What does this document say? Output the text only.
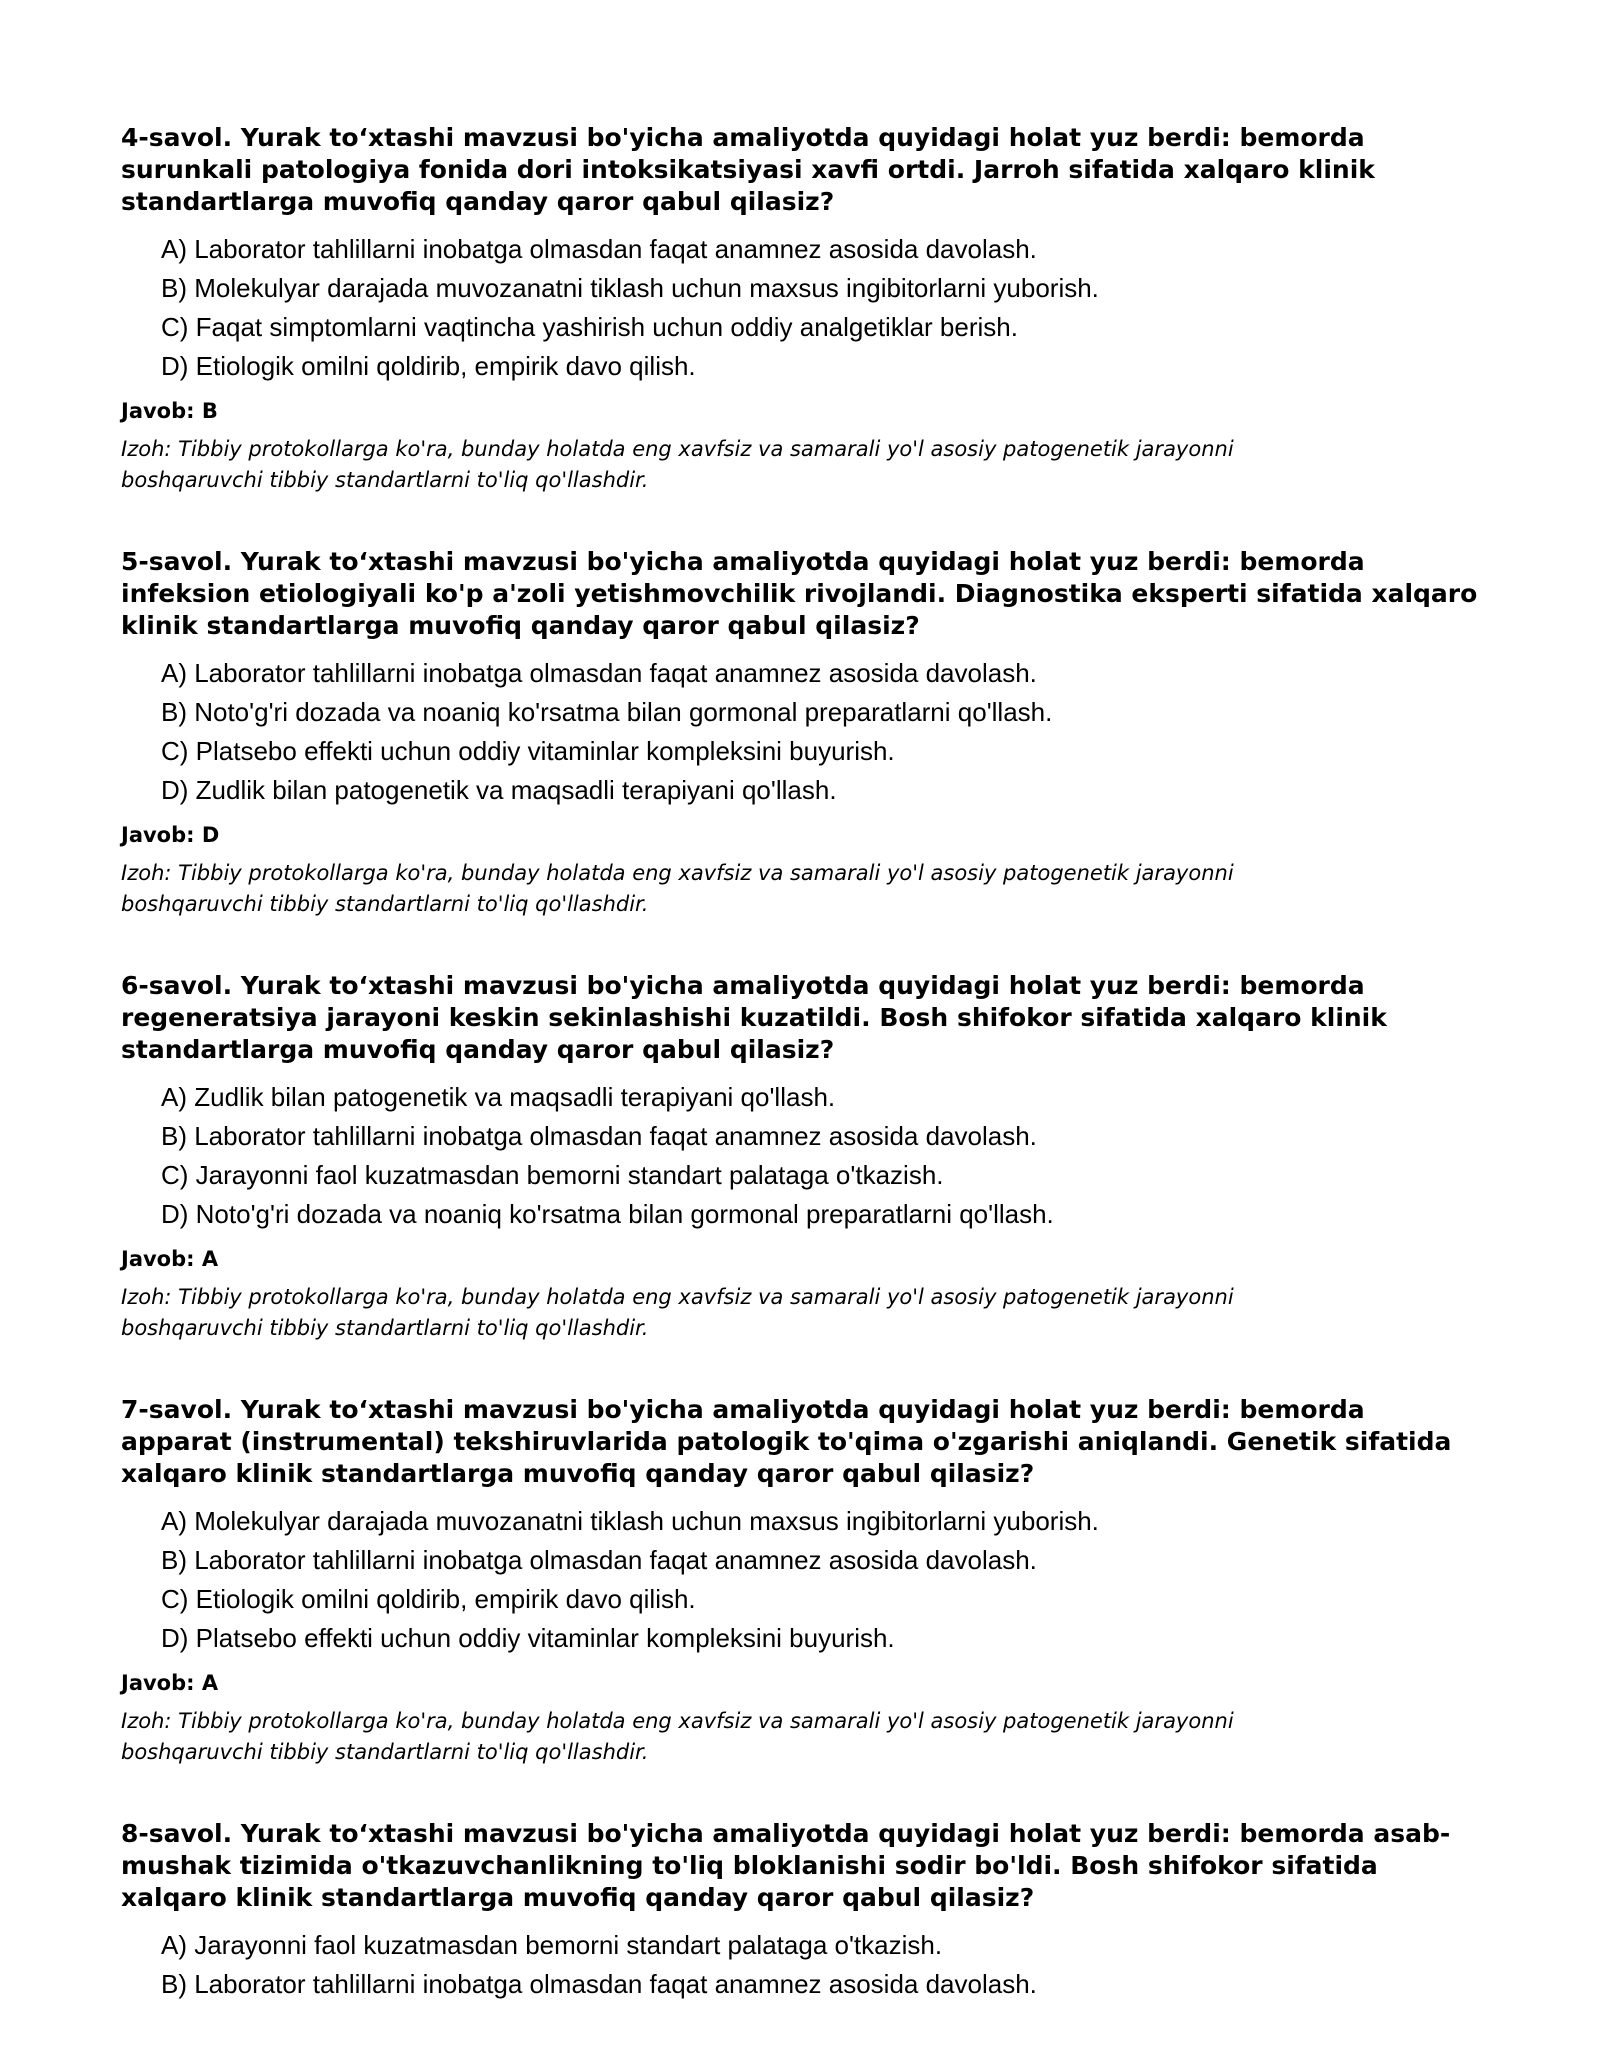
4-savol. Yurak to‘xtashi mavzusi bo'yicha amaliyotda quyidagi holat yuz berdi: bemorda surunkali patologiya fonida dori intoksikatsiyasi xavfi ortdi. Jarroh sifatida xalqaro klinik standartlarga muvofiq qanday qaror qabul qilasiz?

A) Laborator tahlillarni inobatga olmasdan faqat anamnez asosida davolash.
B) Molekulyar darajada muvozanatni tiklash uchun maxsus ingibitorlarni yuborish.
C) Faqat simptomlarni vaqtincha yashirish uchun oddiy analgetiklar berish.
D) Etiologik omilni qoldirib, empirik davo qilish.

Javob: B

Izoh: Tibbiy protokollarga ko'ra, bunday holatda eng xavfsiz va samarali yo'l asosiy patogenetik jarayonni boshqaruvchi tibbiy standartlarni to'liq qo'llashdir.

5-savol. Yurak to‘xtashi mavzusi bo'yicha amaliyotda quyidagi holat yuz berdi: bemorda infeksion etiologiyali ko'p a'zoli yetishmovchilik rivojlandi. Diagnostika eksperti sifatida xalqaro klinik standartlarga muvofiq qanday qaror qabul qilasiz?

A) Laborator tahlillarni inobatga olmasdan faqat anamnez asosida davolash.
B) Noto'g'ri dozada va noaniq ko'rsatma bilan gormonal preparatlarni qo'llash.
C) Platsebo effekti uchun oddiy vitaminlar kompleksini buyurish.
D) Zudlik bilan patogenetik va maqsadli terapiyani qo'llash.

Javob: D

Izoh: Tibbiy protokollarga ko'ra, bunday holatda eng xavfsiz va samarali yo'l asosiy patogenetik jarayonni boshqaruvchi tibbiy standartlarni to'liq qo'llashdir.

6-savol. Yurak to‘xtashi mavzusi bo'yicha amaliyotda quyidagi holat yuz berdi: bemorda regeneratsiya jarayoni keskin sekinlashishi kuzatildi. Bosh shifokor sifatida xalqaro klinik standartlarga muvofiq qanday qaror qabul qilasiz?

A) Zudlik bilan patogenetik va maqsadli terapiyani qo'llash.
B) Laborator tahlillarni inobatga olmasdan faqat anamnez asosida davolash.
C) Jarayonni faol kuzatmasdan bemorni standart palataga o'tkazish.
D) Noto'g'ri dozada va noaniq ko'rsatma bilan gormonal preparatlarni qo'llash.

Javob: A

Izoh: Tibbiy protokollarga ko'ra, bunday holatda eng xavfsiz va samarali yo'l asosiy patogenetik jarayonni boshqaruvchi tibbiy standartlarni to'liq qo'llashdir.

7-savol. Yurak to‘xtashi mavzusi bo'yicha amaliyotda quyidagi holat yuz berdi: bemorda apparat (instrumental) tekshiruvlarida patologik to'qima o'zgarishi aniqlandi. Genetik sifatida xalqaro klinik standartlarga muvofiq qanday qaror qabul qilasiz?

A) Molekulyar darajada muvozanatni tiklash uchun maxsus ingibitorlarni yuborish.
B) Laborator tahlillarni inobatga olmasdan faqat anamnez asosida davolash.
C) Etiologik omilni qoldirib, empirik davo qilish.
D) Platsebo effekti uchun oddiy vitaminlar kompleksini buyurish.

Javob: A

Izoh: Tibbiy protokollarga ko'ra, bunday holatda eng xavfsiz va samarali yo'l asosiy patogenetik jarayonni boshqaruvchi tibbiy standartlarni to'liq qo'llashdir.

8-savol. Yurak to‘xtashi mavzusi bo'yicha amaliyotda quyidagi holat yuz berdi: bemorda asab-mushak tizimida o'tkazuvchanlikning to'liq bloklanishi sodir bo'ldi. Bosh shifokor sifatida xalqaro klinik standartlarga muvofiq qanday qaror qabul qilasiz?

A) Jarayonni faol kuzatmasdan bemorni standart palataga o'tkazish.
B) Laborator tahlillarni inobatga olmasdan faqat anamnez asosida davolash.
